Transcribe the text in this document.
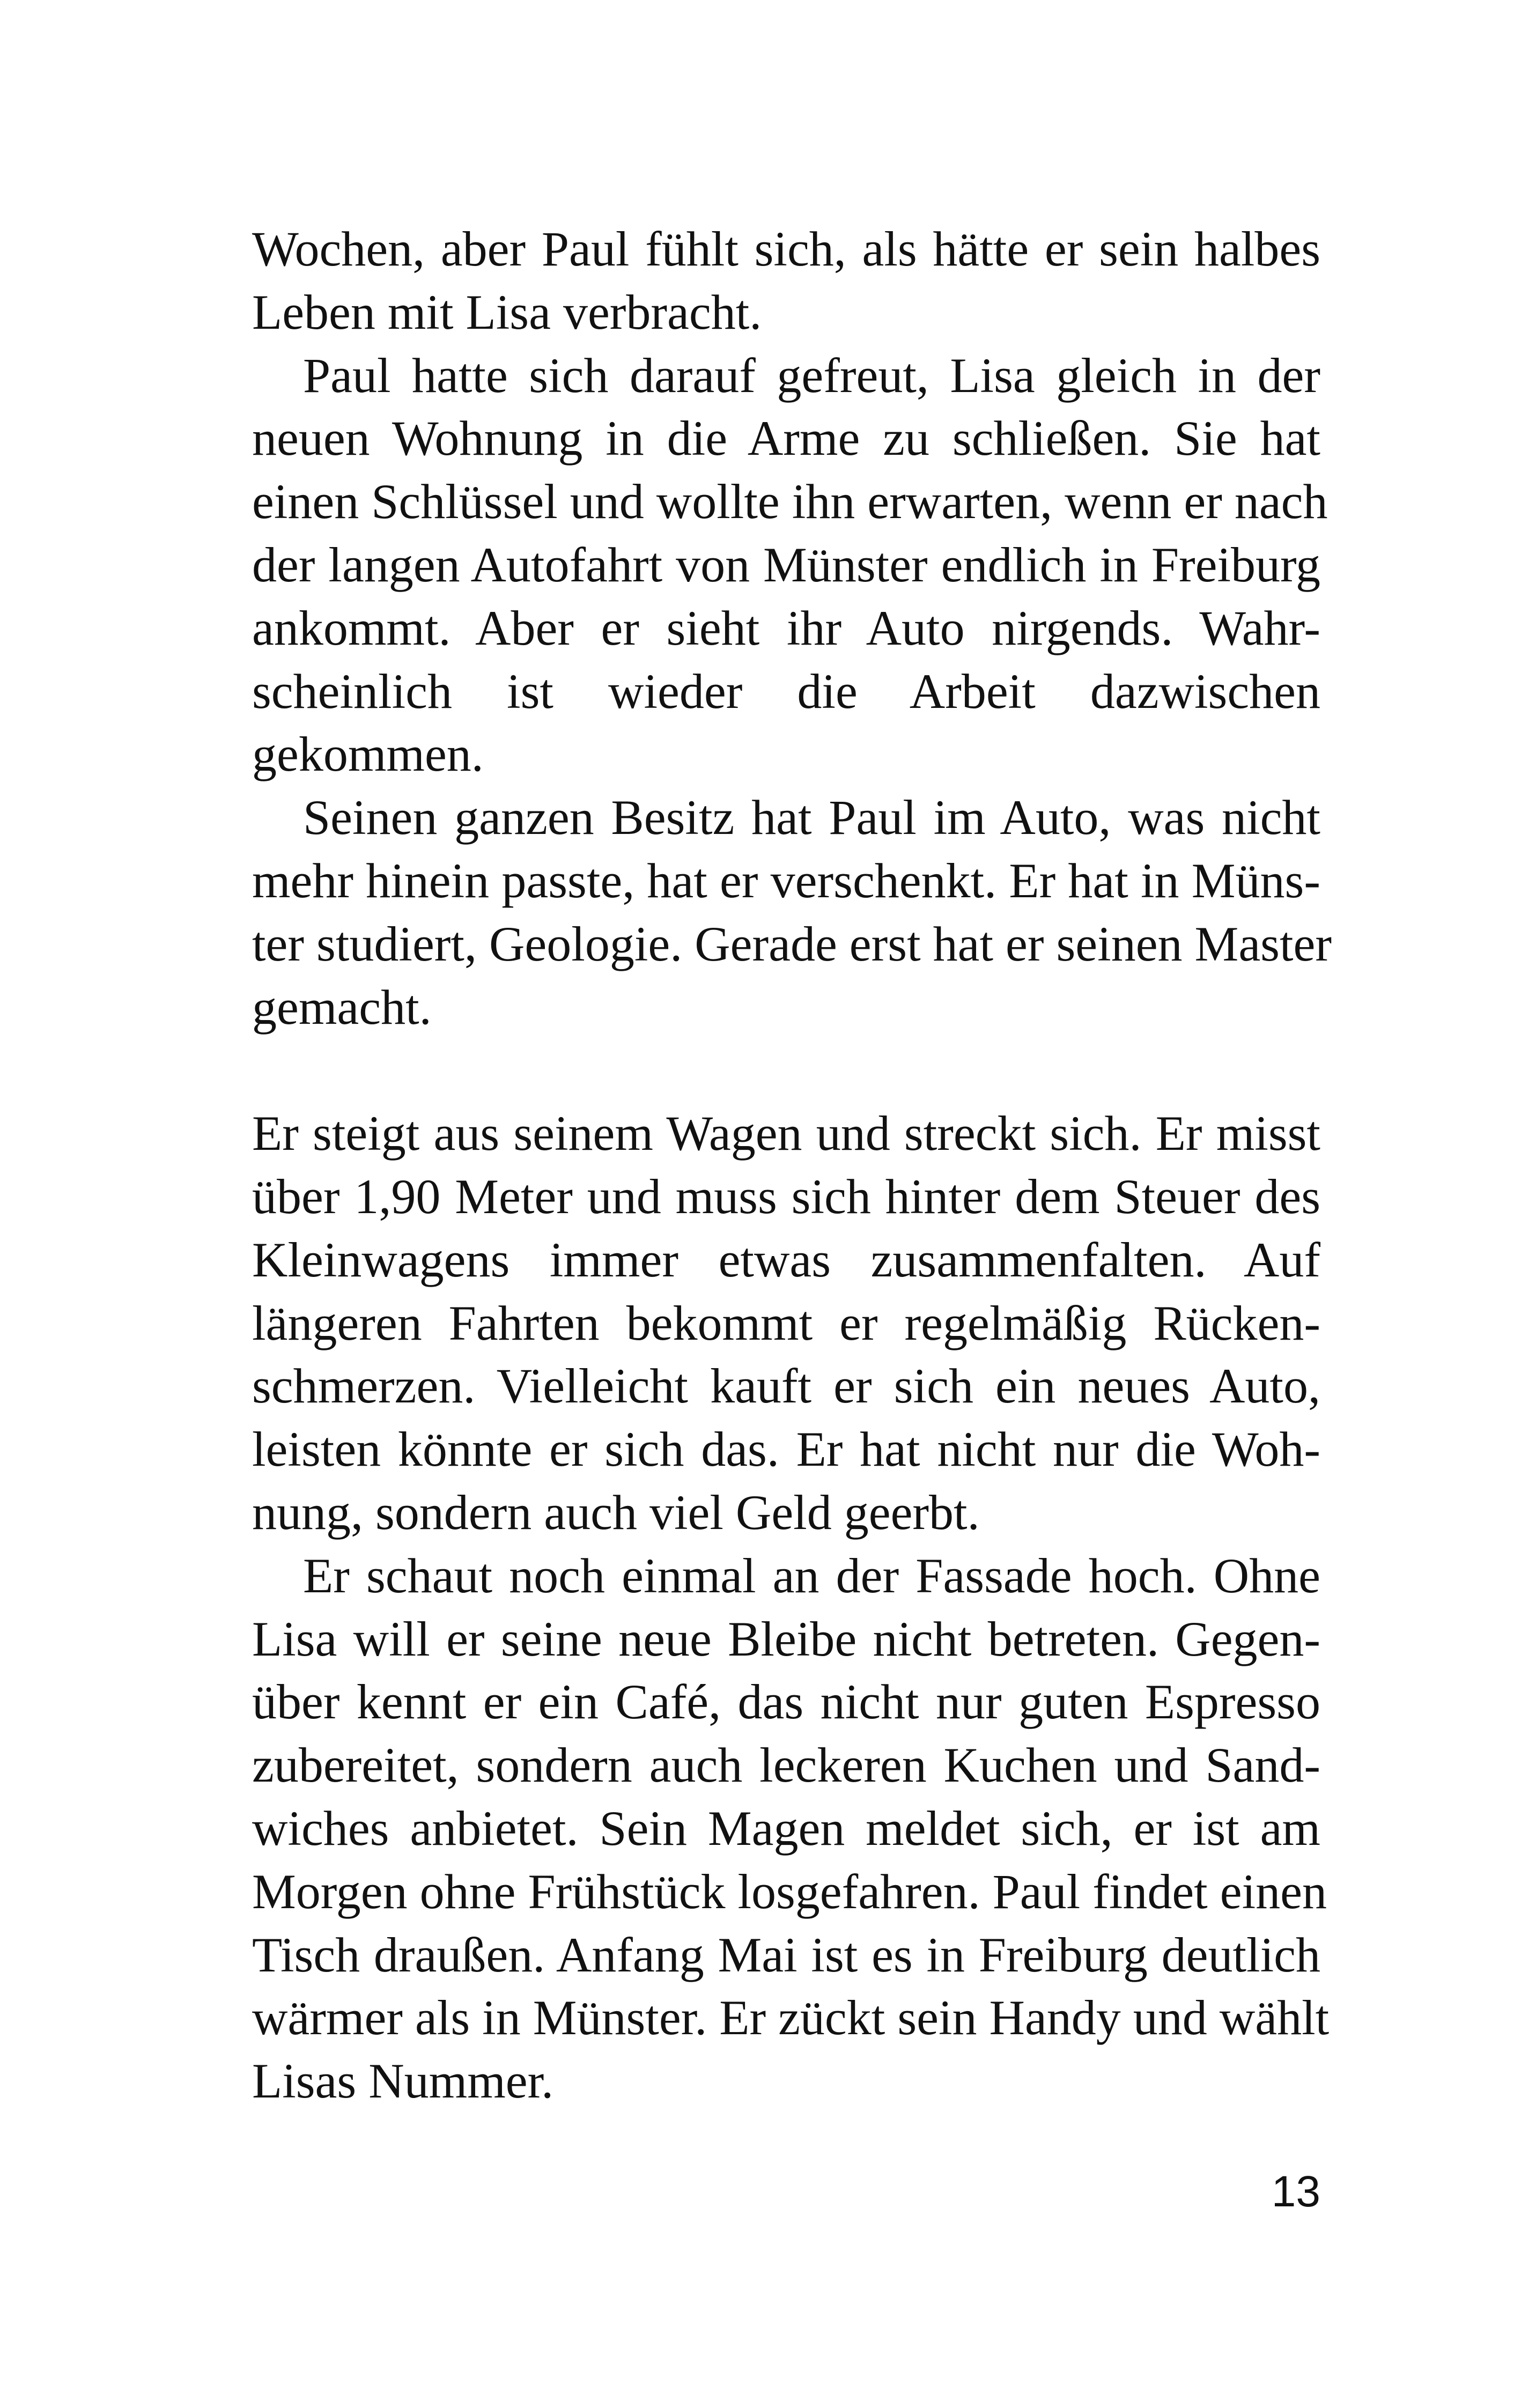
Wochen, aber Paul fühlt sich, als hätte er sein halbes
Leben mit Lisa verbracht.

Paul hatte sich darauf gefreut, Lisa gleich in der
neuen Wohnung in die Arme zu schließen. Sie hat
einen Schlüssel und wollte ihn erwarten, wenn er nach
der langen Autofahrt von Münster endlich in Freiburg
ankommt. Aber er sieht ihr Auto nirgends. Wahr-
scheinlich ist wieder die Arbeit dazwischen
gekommen.

Seinen ganzen Besitz hat Paul im Auto, was nicht
mehr hinein passte, hat er verschenkt. Er hat in Müns-
ter studiert, Geologie. Gerade erst hat er seinen Master
gemacht.

Er steigt aus seinem Wagen und streckt sich. Er misst
über 1,90 Meter und muss sich hinter dem Steuer des
Kleinwagens immer etwas zusammenfalten. Auf
längeren Fahrten bekommt er regelmäßig Rücken-
schmerzen. Vielleicht kauft er sich ein neues Auto,
leisten könnte er sich das. Er hat nicht nur die Woh-
nung, sondern auch viel Geld geerbt.

Er schaut noch einmal an der Fassade hoch. Ohne
Lisa will er seine neue Bleibe nicht betreten. Gegen-
über kennt er ein Café, das nicht nur guten Espresso
zubereitet, sondern auch leckeren Kuchen und Sand-
wiches anbietet. Sein Magen meldet sich, er ist am
Morgen ohne Frühstück losgefahren. Paul findet einen
Tisch draußen. Anfang Mai ist es in Freiburg deutlich
wärmer als in Münster. Er zückt sein Handy und wählt
Lisas Nummer.

13
